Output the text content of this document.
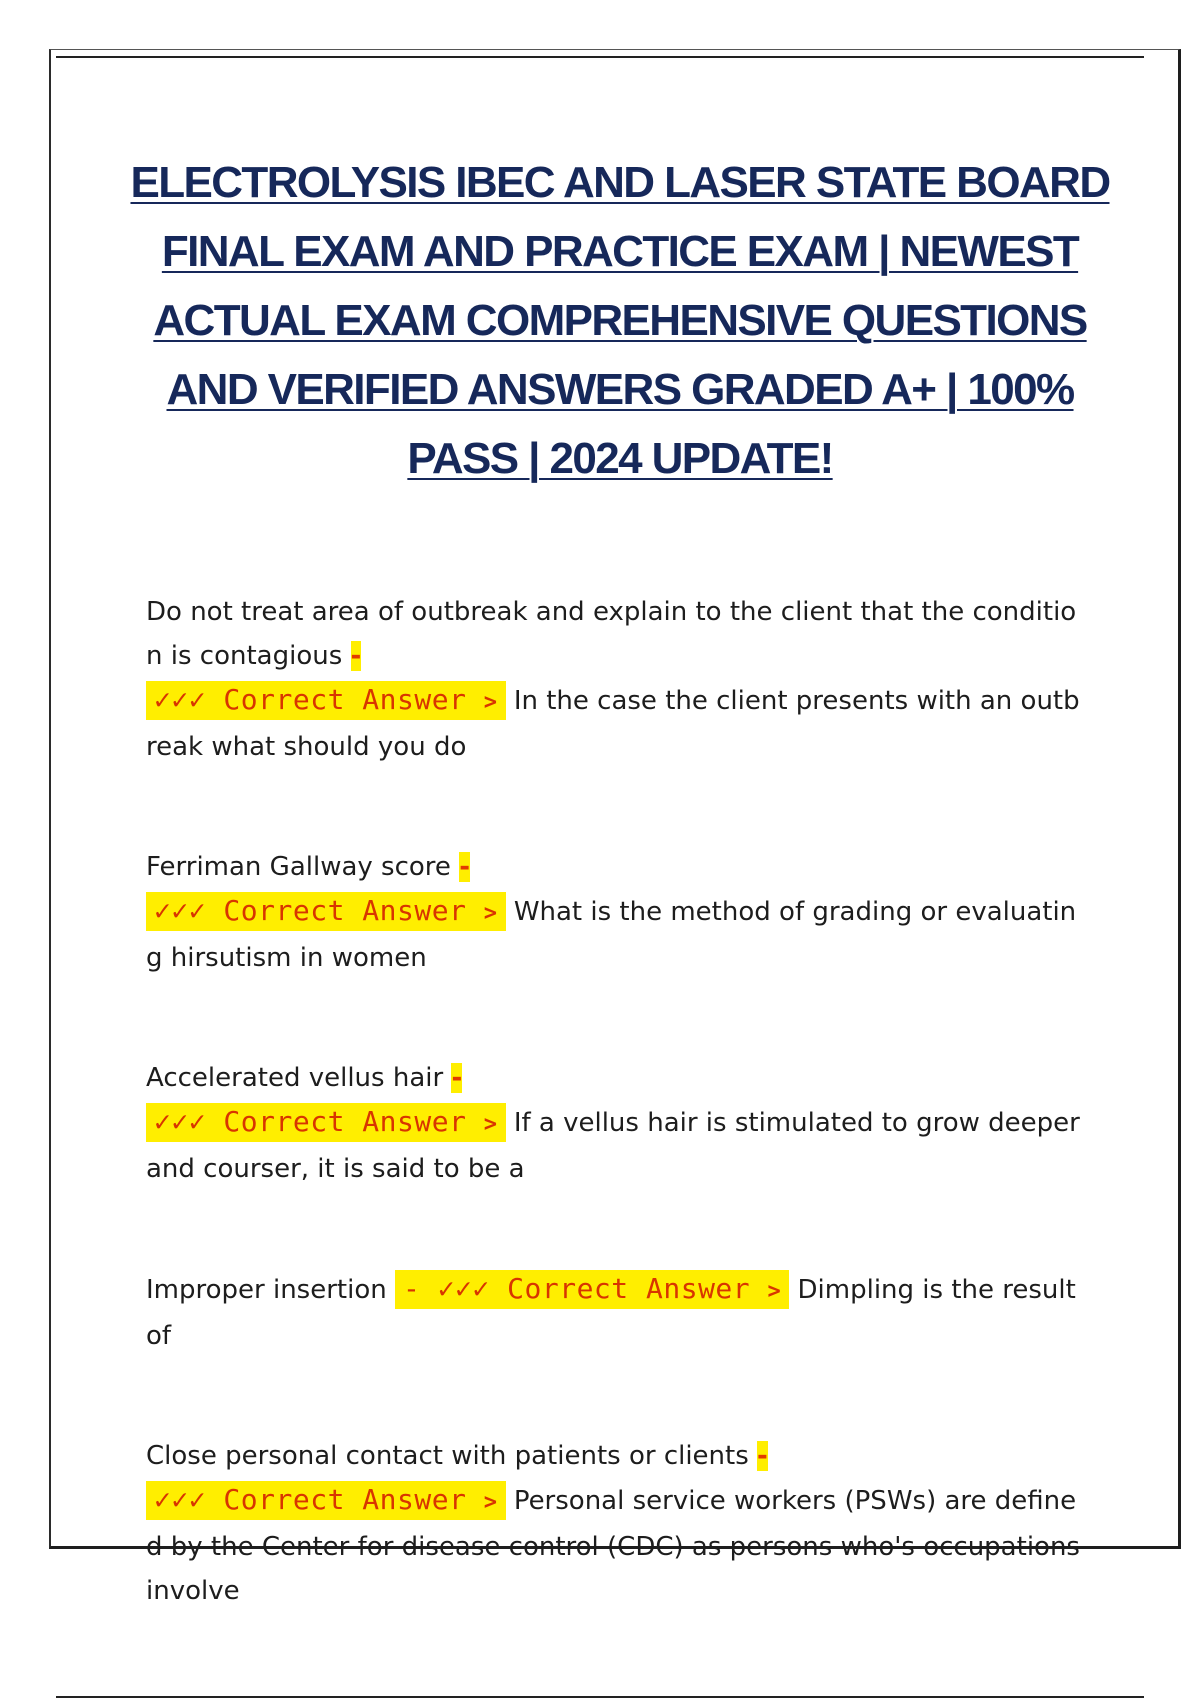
ELECTROLYSIS IBEC AND LASER STATE BOARD FINAL EXAM AND PRACTICE EXAM | NEWEST ACTUAL EXAM COMPREHENSIVE QUESTIONS AND VERIFIED ANSWERS GRADED A+ | 100% PASS | 2024 UPDATE!
Do not treat area of outbreak and explain to the client that the condition is contagious -
✓✓✓ Correct Answer > In the case the client presents with an outbreak what should you do
Ferriman Gallway score -
✓✓✓ Correct Answer > What is the method of grading or evaluating hirsutism in women
Accelerated vellus hair -
✓✓✓ Correct Answer > If a vellus hair is stimulated to grow deeper and courser, it is said to be a
Improper insertion - ✓✓✓ Correct Answer > Dimpling is the result of
Close personal contact with patients or clients -
✓✓✓ Correct Answer > Personal service workers (PSWs) are defined by the Center for disease control (CDC) as persons who's occupations involve
